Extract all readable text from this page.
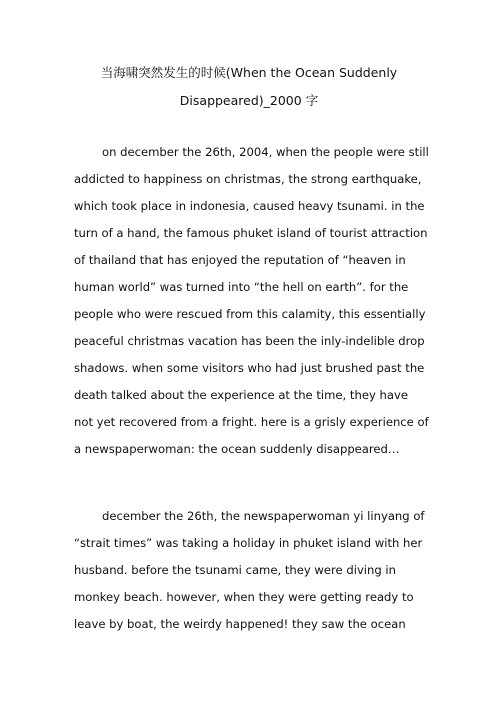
当海啸突然发生的时候(When the Ocean Suddenly
Disappeared)_2000 字
on december the 26th, 2004, when the people were still
addicted to happiness on christmas, the strong earthquake,
which took place in indonesia, caused heavy tsunami. in the
turn of a hand, the famous phuket island of tourist attraction
of thailand that has enjoyed the reputation of “heaven in
human world” was turned into “the hell on earth”. for the
people who were rescued from this calamity, this essentially
peaceful christmas vacation has been the inly-indelible drop
shadows. when some visitors who had just brushed past the
death talked about the experience at the time, they have
not yet recovered from a fright. here is a grisly experience of
a newspaperwoman: the ocean suddenly disappeared…
december the 26th, the newspaperwoman yi linyang of
“strait times” was taking a holiday in phuket island with her
husband. before the tsunami came, they were diving in
monkey beach. however, when they were getting ready to
leave by boat, the weirdy happened! they saw the ocean
